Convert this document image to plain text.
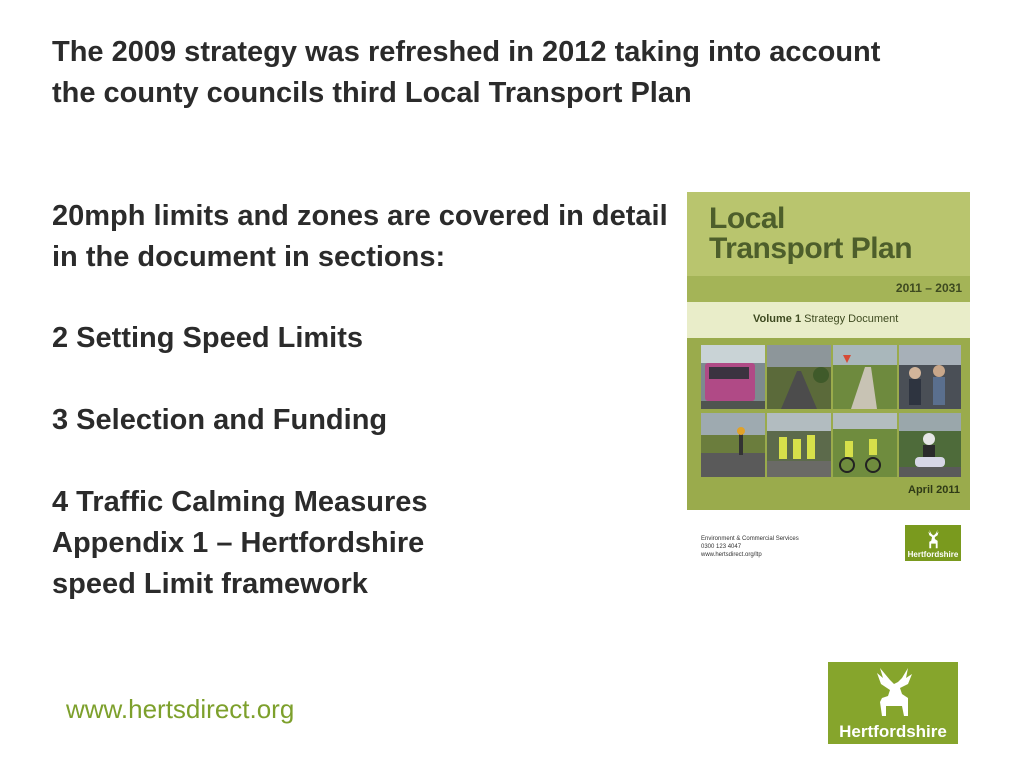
The 2009 strategy was refreshed in 2012 taking into account the county councils third Local Transport Plan

20mph limits and zones are covered in detail in the document in sections:

2 Setting Speed Limits

3 Selection and Funding

4 Traffic Calming Measures
Appendix 1 – Hertfordshire
speed Limit framework

Local
Transport Plan

2011 – 2031
Volume 1 Strategy Document
April 2011
Environment & Commercial Services
0300 123 4047
www.hertsdirect.org/ltp	Hertfordshire
www.hertsdirect.org
Hertfordshire
